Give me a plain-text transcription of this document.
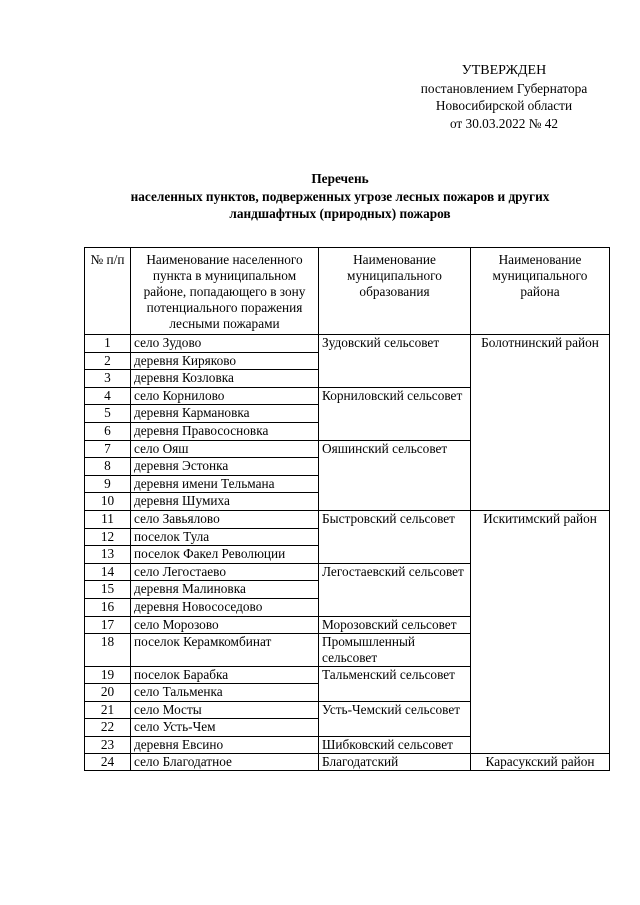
УТВЕРЖДЕН
постановлением Губернатора
Новосибирской области
от 30.03.2022 № 42
Перечень
населенных пунктов, подверженных угрозе лесных пожаров и других
ландшафтных (природных) пожаров
№ п/п	Наименование населенного пункта в муниципальном районе, попадающего в зону потенциального поражения лесными пожарами	Наименование муниципального образования	Наименование муниципального района
1	село Зудово	Зудовский сельсовет	Болотнинский район
2	деревня Киряково		
3	деревня Козловка		
4	село Корнилово	Корниловский сельсовет	
5	деревня Кармановка		
6	деревня Правососновка		
7	село Ояш	Ояшинский сельсовет	
8	деревня Эстонка		
9	деревня имени Тельмана		
10	деревня Шумиха		
11	село Завьялово	Быстровский сельсовет	Искитимский район
12	поселок Тула		
13	поселок Факел Революции		
14	село Легостаево	Легостаевский сельсовет	
15	деревня Малиновка		
16	деревня Новососедово		
17	село Морозово	Морозовский сельсовет	
18	поселок Керамкомбинат	Промышленный сельсовет	
19	поселок Барабка	Тальменский сельсовет	
20	село Тальменка		
21	село Мосты	Усть-Чемский сельсовет	
22	село Усть-Чем		
23	деревня Евсино	Шибковский сельсовет	
24	село Благодатное	Благодатский	Карасукский район
